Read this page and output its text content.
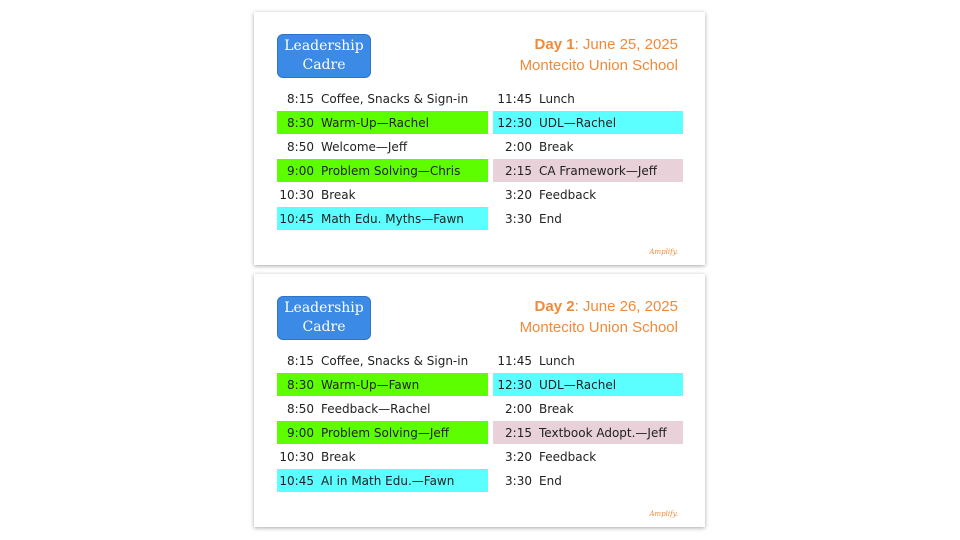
Leadership
Cadre
Day 1: June 25, 2025
Montecito Union School
8:15 Coffee, Snacks & Sign-in
8:30 Warm-Up—Rachel
8:50 Welcome—Jeff
9:00 Problem Solving—Chris
10:30 Break
10:45 Math Edu. Myths—Fawn
11:45 Lunch
12:30 UDL—Rachel
2:00 Break
2:15 CA Framework—Jeff
3:20 Feedback
3:30 End
Amplify.
Leadership
Cadre
Day 2: June 26, 2025
Montecito Union School
8:15 Coffee, Snacks & Sign-in
8:30 Warm-Up—Fawn
8:50 Feedback—Rachel
9:00 Problem Solving—Jeff
10:30 Break
10:45 AI in Math Edu.—Fawn
11:45 Lunch
12:30 UDL—Rachel
2:00 Break
2:15 Textbook Adopt.—Jeff
3:20 Feedback
3:30 End
Amplify.
